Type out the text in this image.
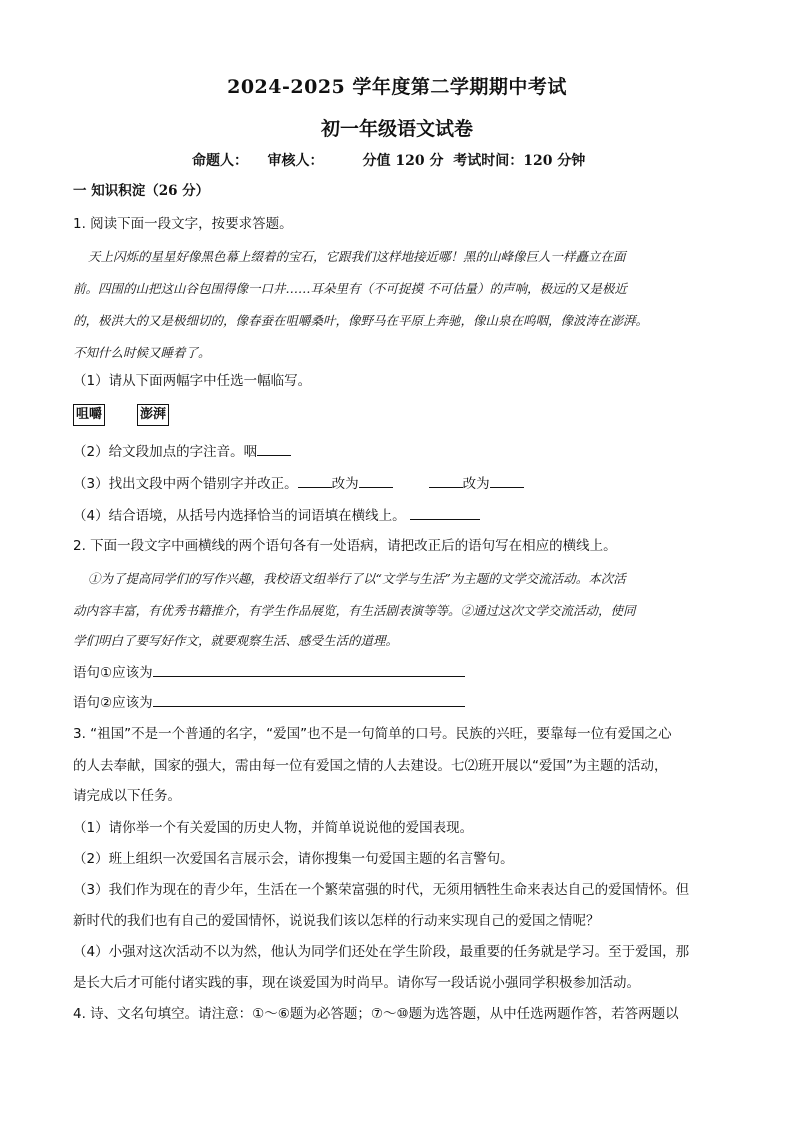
2024-2025 学年度第二学期期中考试
初一年级语文试卷
命题人：    审核人：        分值 120 分  考试时间：120 分钟
一 知识积淀（26 分）
1. 阅读下面一段文字，按要求答题。
天上闪烁的星星好像黑色幕上缀着的宝石，它跟我们这样地接近哪！黑的山峰像巨人一样矗立在面
前。四围的山把这山谷包围得像一口井……耳朵里有（不可捉摸 不可估量）的声响，极远的又是极近
的，极洪大的又是极细切的，像春蚕在咀嚼桑叶，像野马在平原上奔驰，像山泉在呜咽，像波涛在澎湃。
不知什么时候又睡着了。
（1）请从下面两幅字中任选一幅临写。
咀嚼	澎湃
（2）给文段加点的字注音。咽
（3）找出文段中两个错别字并改正。	改为	改为
（4）结合语境，从括号内选择恰当的词语填在横线上。
2. 下面一段文字中画横线的两个语句各有一处语病，请把改正后的语句写在相应的横线上。
①为了提高同学们的写作兴趣，我校语文组举行了以“文学与生活”为主题的文学交流活动。本次活
动内容丰富，有优秀书籍推介，有学生作品展览，有生活剧表演等等。②通过这次文学交流活动，使同
学们明白了要写好作文，就要观察生活、感受生活的道理。
语句①应该为
语句②应该为
3. “祖国”不是一个普通的名字，“爱国”也不是一句简单的口号。民族的兴旺，要靠每一位有爱国之心
的人去奉献，国家的强大，需由每一位有爱国之情的人去建设。七⑵班开展以“爱国”为主题的活动，
请完成以下任务。
（1）请你举一个有关爱国的历史人物，并简单说说他的爱国表现。
（2）班上组织一次爱国名言展示会，请你搜集一句爱国主题的名言警句。
（3）我们作为现在的青少年，生活在一个繁荣富强的时代，无须用牺牲生命来表达自己的爱国情怀。但
新时代的我们也有自己的爱国情怀，说说我们该以怎样的行动来实现自己的爱国之情呢？
（4）小强对这次活动不以为然，他认为同学们还处在学生阶段，最重要的任务就是学习。至于爱国，那
是长大后才可能付诸实践的事，现在谈爱国为时尚早。请你写一段话说小强同学积极参加活动。
4. 诗、文名句填空。请注意：①～⑥题为必答题；⑦～⑩题为选答题，从中任选两题作答，若答两题以
